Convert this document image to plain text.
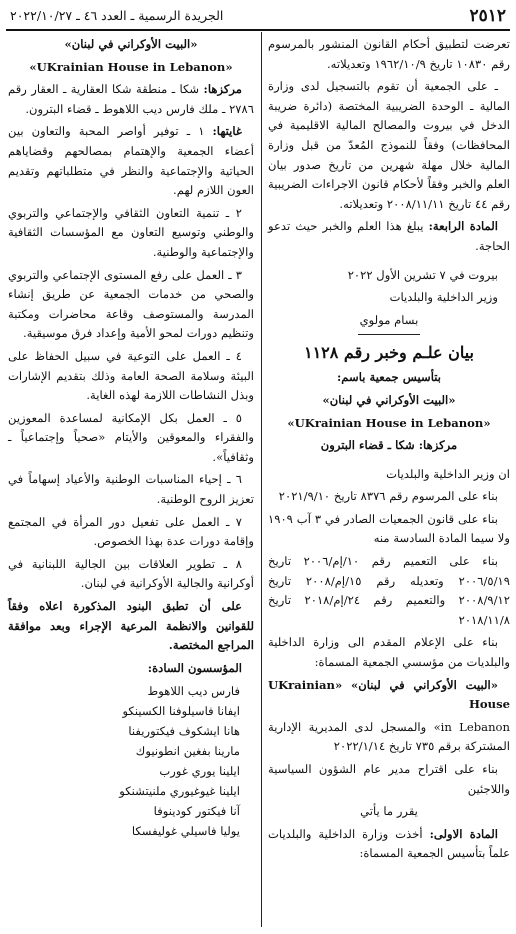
٢٥١٢
الجريدة الرسمية ـ العدد ٤٦ ـ ٢٠٢٢/١٠/٢٧

تعرضت لتطبيق أحكام القانون المنشور بالمرسوم رقم ١٠٨٣٠ تاريخ ١٩٦٢/١٠/٩ وتعديلاته.

ـ على الجمعية أن تقوم بالتسجيل لدى وزارة المالية ـ الوحدة الضريبية المختصة (دائرة ضريبة الدخل في بيروت والمصالح المالية الاقليمية في المحافظات) وفقاً للنموذج المُعدّ من قبل وزارة المالية خلال مهلة شهرين من تاريخ صدور بيان العلم والخبر وفقاً لأحكام قانون الاجراءات الضريبية رقم ٤٤ تاريخ ٢٠٠٨/١١/١١ وتعديلاته.

المادة الرابعة: يبلغ هذا العلم والخبر حيث تدعو الحاجة.

بيروت في ٧ تشرين الأول ٢٠٢٢

وزير الداخلية والبلديات

بسام مولوي

بيان علـم وخبر رقم ١١٢٨

بتأسيس جمعية باسم:

«البيت الأوكراني في لبنان»

«UKrainian House in Lebanon»

مركزها: شكا ـ قضاء البترون

ان وزير الداخلية والبلديات

بناء على المرسوم رقم ٨٣٧٦ تاريخ ٢٠٢١/٩/١٠

بناء على قانون الجمعيات الصادر في ٣ آب ١٩٠٩ ولا سيما المادة السادسة منه

بناء على التعميم رقم ١٠/إم/٢٠٠٦ تاريخ ٢٠٠٦/٥/١٩ وتعديله رقم ١٥/إم/٢٠٠٨ تاريخ ٢٠٠٨/٩/١٢ والتعميم رقم ٢٤/إم/٢٠١٨ تاريخ ٢٠١٨/١١/٨

بناء على الإعلام المقدم الى وزارة الداخلية والبلديات من مؤسسي الجمعية المسماة:

«البيت الأوكراني في لبنان» «UKrainian House

in Lebanon» والمسجل لدى المديرية الإدارية المشتركة برقم ٧٣٥ تاريخ ٢٠٢٢/١/١٤

بناء على اقتراح مدير عام الشؤون السياسية واللاجئين

يقرر ما يأتي

المادة الاولى: أخذت وزارة الداخلية والبلديات علماً بتأسيس الجمعية المسماة:

«البيت الأوكراني في لبنان»

«UKrainian House in Lebanon»

مركزها: شكا ـ منطقة شكا العقارية ـ العقار رقم ٢٧٨٦ ـ ملك فارس ديب اللاهوط ـ قضاء البترون.

غايتها: ١ ـ توفير أواصر المحبة والتعاون بين أعضاء الجمعية والإهتمام بمصالحهم وقضاياهم الحياتية والإجتماعية والنظر في متطلباتهم وتقديم العون اللازم لهم.

٢ ـ تنمية التعاون الثقافي والإجتماعي والتربوي والوطني وتوسيع التعاون مع المؤسسات الثقافية والإجتماعية والوطنية.

٣ ـ العمل على رفع المستوى الإجتماعي والتربوي والصحي من خدمات الجمعية عن طريق إنشاء المدرسة والمستوصف وقاعة محاضرات ومكتبة وتنظيم دورات لمحو الأمية وإعداد فرق موسيقية.

٤ ـ العمل على التوعية في سبيل الحفاظ على البيئة وسلامة الصحة العامة وذلك بتقديم الإشارات وبذل النشاطات اللازمة لهذه الغاية.

٥ ـ العمل بكل الإمكانية لمساعدة المعوزين والفقراء والمعوقين والأيتام «صحياً وإجتماعياً ـ وثقافياً».

٦ ـ إحياء المناسبات الوطنية والأعياد إسهاماً في تعزيز الروح الوطنية.

٧ ـ العمل على تفعيل دور المرأة في المجتمع وإقامة دورات عدة بهذا الخصوص.

٨ ـ تطوير العلاقات بين الجالية اللبنانية في أوكرانية والجالية الأوكرانية في لبنان.

على أن تطبق البنود المذكورة اعلاه وفقاً للقوانين والانظمة المرعية الإجراء وبعد موافقة المراجع المختصة.

المؤسسون السادة:

فارس ديب اللاهوط
ايفانا فاسيلوفنا الكسينكو
هانا ايشكوف فيكتوريفنا
مارينا بفغين انطونيوك
ايلينا يوري غورب
ايلينا غيوغيوري ملنيتشنكو
آنا فيكتور كودينوفا
يوليا فاسيلي غوليفسكا
